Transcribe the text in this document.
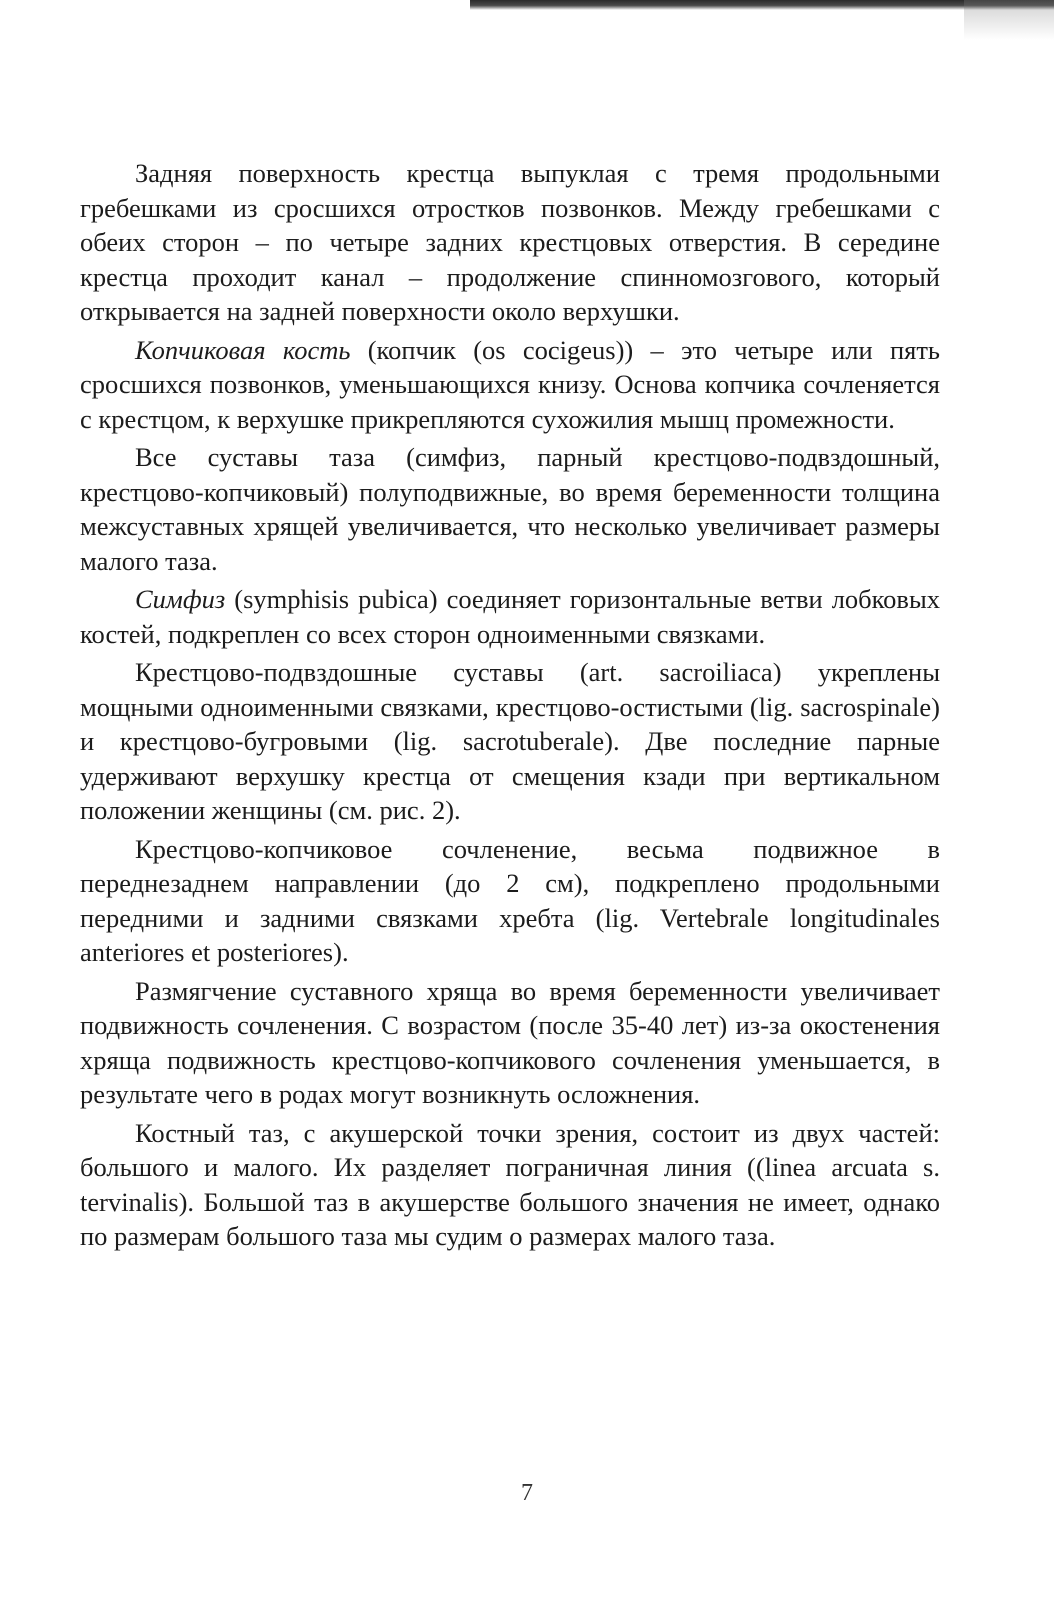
Задняя поверхность крестца выпуклая с тремя продольными гребешками из сросшихся отростков позвонков. Между гребешками с обеих сторон – по четыре задних крестцовых отверстия. В середине крестца проходит канал – продолжение спинномозгового, который открывается на задней поверхности около верхушки.

Копчиковая кость (копчик (os cocigeus)) – это четыре или пять сросшихся позвонков, уменьшающихся книзу. Основа копчика сочленяется с крестцом, к верхушке прикрепляются сухожилия мышц промежности.

Все суставы таза (симфиз, парный крестцово-подвздошный, крестцово-копчиковый) полуподвижные, во время беременности толщина межсуставных хрящей увеличивается, что несколько увеличивает размеры малого таза.

Симфиз (symphisis pubica) соединяет горизонтальные ветви лобковых костей, подкреплен со всех сторон одноименными связками.

Крестцово-подвздошные суставы (art. sacroiliaca) укреплены мощными одноименными связками, крестцово-остистыми (lig. sacrospinale) и крестцово-бугровыми (lig. sacrotuberale). Две последние парные удерживают верхушку крестца от смещения кзади при вертикальном положении женщины (см. рис. 2).

Крестцово-копчиковое сочленение, весьма подвижное в переднезаднем направлении (до 2 см), подкреплено продольными передними и задними связками хребта (lig. Vertebrale longitudinales anteriores et posteriores).

Размягчение суставного хряща во время беременности увеличивает подвижность сочленения. С возрастом (после 35-40 лет) из-за окостенения хряща подвижность крестцово-копчикового сочленения уменьшается, в результате чего в родах могут возникнуть осложнения.

Костный таз, с акушерской точки зрения, состоит из двух частей: большого и малого. Их разделяет пограничная линия ((linea arcuata s. tervinalis). Большой таз в акушерстве большого значения не имеет, однако по размерам большого таза мы судим о размерах малого таза.

7
